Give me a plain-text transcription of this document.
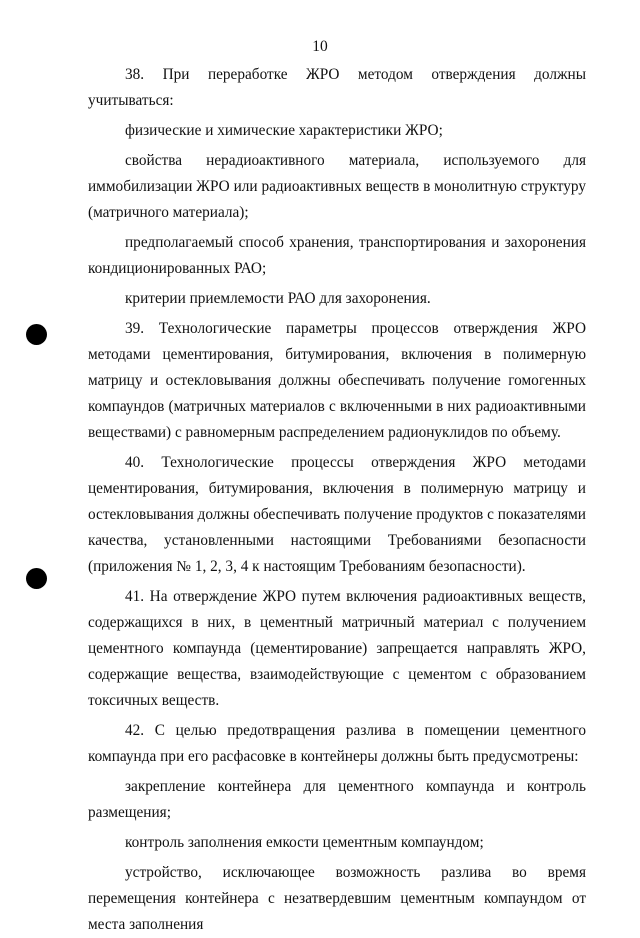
10

38. При переработке ЖРО методом отверждения должны учитываться:

физические и химические характеристики ЖРО;

свойства нерадиоактивного материала, используемого для иммобилизации ЖРО или радиоактивных веществ в монолитную структуру (матричного материала);

предполагаемый способ хранения, транспортирования и захоронения кондиционированных РАО;

критерии приемлемости РАО для захоронения.

39. Технологические параметры процессов отверждения ЖРО методами цементирования, битумирования, включения в полимерную матрицу и остекловывания должны обеспечивать получение гомогенных компаундов (матричных материалов с включенными в них радиоактивными веществами) с равномерным распределением радионуклидов по объему.

40. Технологические процессы отверждения ЖРО методами цементирования, битумирования, включения в полимерную матрицу и остекловывания должны обеспечивать получение продуктов с показателями качества, установленными настоящими Требованиями безопасности (приложения № 1, 2, 3, 4 к настоящим Требованиям безопасности).

41. На отверждение ЖРО путем включения радиоактивных веществ, содержащихся в них, в цементный матричный материал с получением цементного компаунда (цементирование) запрещается направлять ЖРО, содержащие вещества, взаимодействующие с цементом с образованием токсичных веществ.

42. С целью предотвращения разлива в помещении цементного компаунда при его расфасовке в контейнеры должны быть предусмотрены:

закрепление контейнера для цементного компаунда и контроль размещения;

контроль заполнения емкости цементным компаундом;

устройство, исключающее возможность разлива во время перемещения контейнера с незатвердевшим цементным компаундом от места заполнения
